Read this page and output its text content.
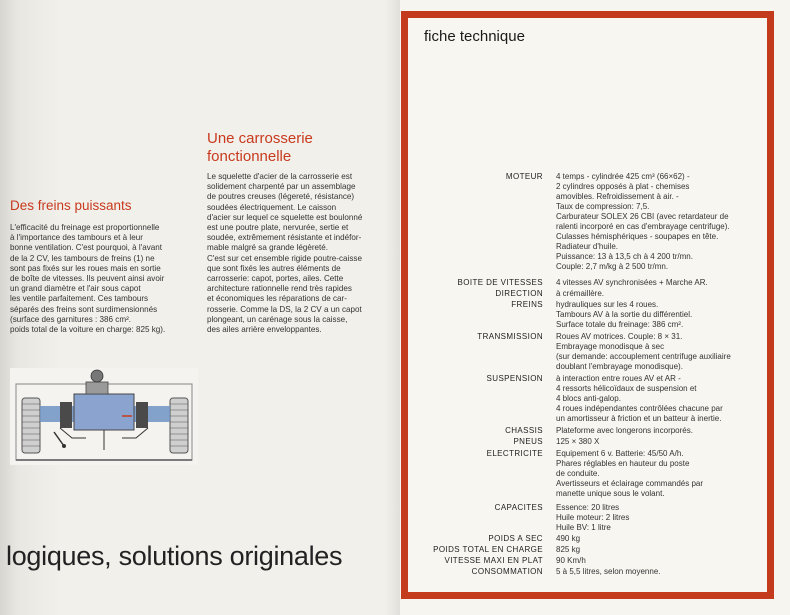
Une carrosserie
fonctionnelle

Le squelette d'acier de la carrosserie est
solidement charpenté par un assemblage
de poutres creuses (légereté, résistance)
soudées électriquement. Le caisson
d'acier sur lequel ce squelette est boulonné
est une poutre plate, nervurée, sertie et
soudée, extrêmement résistante et indéfor-
mable malgré sa grande légèreté.
C'est sur cet ensemble rigide poutre-caisse
que sont fixés les autres éléments de
carrosserie: capot, portes, ailes. Cette
architecture rationnelle rend très rapides
et économiques les réparations de car-
rosserie. Comme la DS, la 2 CV a un capot
plongeant, un carénage sous la caisse,
des ailes arrière enveloppantes.

Des freins puissants

L'efficacité du freinage est proportionnelle
à l'importance des tambours et à leur
bonne ventilation. C'est pourquoi, à l'avant
de la 2 CV, les tambours de freins (1) ne
sont pas fixés sur les roues mais en sortie
de boîte de vitesses. Ils peuvent ainsi avoir
un grand diamètre et l'air sous capot
les ventile parfaitement. Ces tambours
séparés des freins sont surdimensionnés
(surface des garnitures : 386 cm².
poids total de la voiture en charge: 825 kg).

logiques, solutions originales
fiche technique
MOTEUR 4 temps - cylindrée 425 cm³ (66×62) -
2 cylindres opposés à plat - chemises
amovibles. Refroidissement à air. -
Taux de compression: 7,5.
Carburateur SOLEX 26 CBI (avec retardateur de
ralenti incorporé en cas d'embrayage centrifuge).
Culasses hémisphériques - soupapes en tête.
Radiateur d'huile.
Puissance: 13 à 13,5 ch à 4 200 tr/mn.
Couple: 2,7 m/kg à 2 500 tr/mn.
BOITE DE VITESSES 4 vitesses AV synchronisées + Marche AR.
DIRECTION à crémaillère.
FREINS hydrauliques sur les 4 roues.
Tambours AV à la sortie du différentiel.
Surface totale du freinage: 386 cm².
TRANSMISSION Roues AV motrices. Couple: 8 × 31.
Embrayage monodisque à sec
(sur demande: accouplement centrifuge auxiliaire
doublant l'embrayage monodisque).
SUSPENSION à interaction entre roues AV et AR -
4 ressorts hélicoïdaux de suspension et
4 blocs anti-galop.
4 roues indépendantes contrôlées chacune par
un amortisseur à friction et un batteur à inertie.
CHASSIS Plateforme avec longerons incorporés.
PNEUS 125 × 380 X
ELECTRICITE Equipement 6 v. Batterie: 45/50 A/h.
Phares réglables en hauteur du poste
de conduite.
Avertisseurs et éclairage commandés par
manette unique sous le volant.
CAPACITES Essence: 20 litres
Huile moteur: 2 litres
Huile BV: 1 litre
POIDS A SEC 490 kg
POIDS TOTAL EN CHARGE 825 kg
VITESSE MAXI EN PLAT 90 Km/h
CONSOMMATION 5 à 5,5 litres, selon moyenne.
